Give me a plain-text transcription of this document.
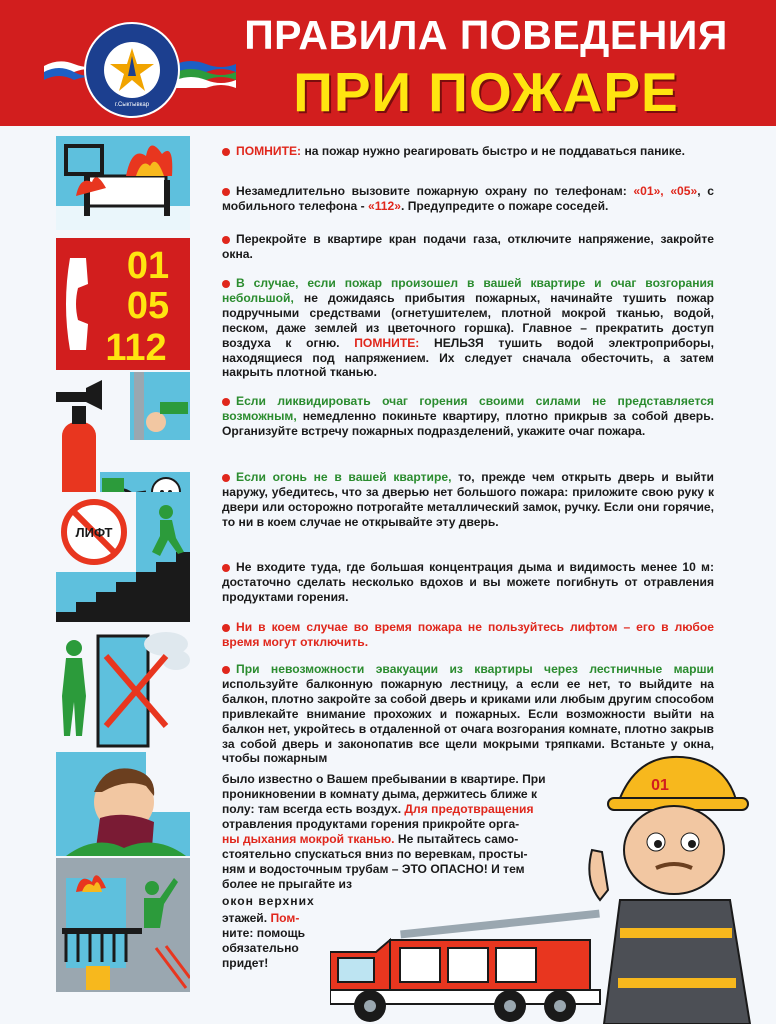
г.Сыктывкар
ПРАВИЛА ПОВЕДЕНИЯ
ПРИ ПОЖАРЕ
01
05
112
ЛИФТ
ПОМНИТЕ: на пожар нужно реагировать быстро и не поддаваться панике.
Незамедлительно вызовите пожарную охрану по телефонам: «01», «05», с мобильного телефона - «112». Предупредите о пожаре соседей.
Перекройте в квартире кран подачи газа, отключите напряжение, закройте окна.
В случае, если пожар произошел в вашей квартире и очаг возгорания небольшой, не дожидаясь прибытия пожарных, начинайте тушить пожар подручными средствами (огнетушителем, плотной мокрой тканью, водой, песком, даже землей из цветочного горшка). Главное – прекратить доступ воздуха к огню. ПОМНИТЕ: НЕЛЬЗЯ тушить водой электроприборы, находящиеся под напряжением. Их следует сначала обесточить, а затем накрыть плотной тканью.
Если ликвидировать очаг горения своими силами не представляется возможным, немедленно покиньте квартиру, плотно прикрыв за собой дверь. Организуйте встречу пожарных подразделений, укажите очаг пожара.
Если огонь не в вашей квартире, то, прежде чем открыть дверь и выйти наружу, убедитесь, что за дверью нет большого пожара: приложите свою руку к двери или осторожно потрогайте металлический замок, ручку. Если они горячие, то ни в коем случае не открывайте эту дверь.
Не входите туда, где большая концентрация дыма и видимость менее 10 м: достаточно сделать несколько вдохов и вы можете погибнуть от отравления продуктами горения.
Ни в коем случае во время пожара не пользуйтесь лифтом – его в любое время могут отключить.
При невозможности эвакуации из квартиры через лестничные марши используйте балконную пожарную лестницу, а если ее нет, то выйдите на балкон, плотно закройте за собой дверь и криками или любым другим способом привлекайте внимание прохожих и пожарных. Если возможности выйти на балкон нет, укройтесь в отдаленной от очага возгорания комнате, плотно закрыв за собой дверь и законопатив все щели мокрыми тряпками. Встаньте у окна, чтобы пожарным
было известно о Вашем пребывании в квартире. При
проникновении в комнату дыма, держитесь ближе к
полу: там всегда есть воздух. Для предотвращения
отравления продуктами горения прикройте орга-
ны дыхания мокрой тканью. Не пытайтесь само-
стоятельно спускаться вниз по веревкам, просты-
ням и водосточным трубам – ЭТО ОПАСНО! И тем
более не прыгайте из
окон верхних
этажей. Пом-
ните: помощь
обязательно
придет!
01
